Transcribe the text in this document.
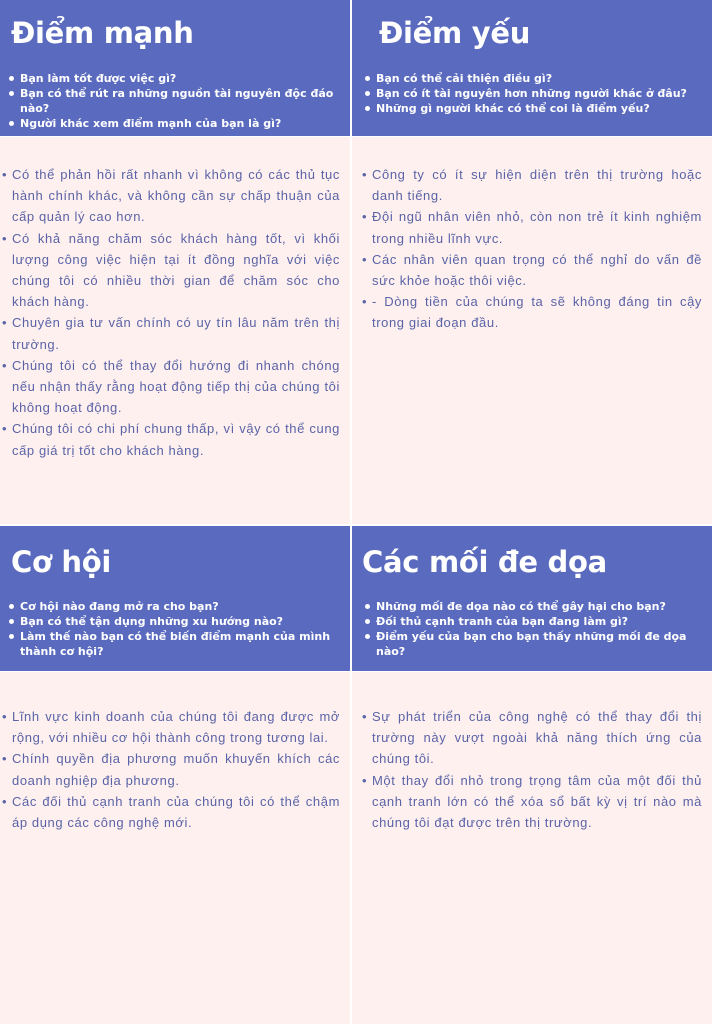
Điểm mạnh
Bạn làm tốt được việc gì?
Bạn có thể rút ra những nguồn tài nguyên độc đáo nào?
Người khác xem điểm mạnh của bạn là gì?
• Có thể phản hồi rất nhanh vì không có các thủ tục hành chính khác, và không cần sự chấp thuận của cấp quản lý cao hơn.
• Có khả năng chăm sóc khách hàng tốt, vì khối lượng công việc hiện tại ít đồng nghĩa với việc chúng tôi có nhiều thời gian để chăm sóc cho khách hàng.
• Chuyên gia tư vấn chính có uy tín lâu năm trên thị trường.
• Chúng tôi có thể thay đổi hướng đi nhanh chóng nếu nhận thấy rằng hoạt động tiếp thị của chúng tôi không hoạt động.
• Chúng tôi có chi phí chung thấp, vì vậy có thể cung cấp giá trị tốt cho khách hàng.
Điểm yếu
Bạn có thể cải thiện điều gì?
Bạn có ít tài nguyên hơn những người khác ở đâu?
Những gì người khác có thể coi là điểm yếu?
• Công ty có ít sự hiện diện trên thị trường hoặc danh tiếng.
• Đội ngũ nhân viên nhỏ, còn non trẻ ít kinh nghiệm trong nhiều lĩnh vực.
• Các nhân viên quan trọng có thể nghỉ do vấn đề sức khỏe hoặc thôi việc.
• - Dòng tiền của chúng ta sẽ không đáng tin cậy trong giai đoạn đầu.
Cơ hội
Cơ hội nào đang mở ra cho bạn?
Bạn có thể tận dụng những xu hướng nào?
Làm thế nào bạn có thể biến điểm mạnh của mình thành cơ hội?
• Lĩnh vực kinh doanh của chúng tôi đang được mở rộng, với nhiều cơ hội thành công trong tương lai.
• Chính quyền địa phương muốn khuyến khích các doanh nghiệp địa phương.
• Các đối thủ cạnh tranh của chúng tôi có thể chậm áp dụng các công nghệ mới.
Các mối đe dọa
Những mối đe dọa nào có thể gây hại cho bạn?
Đối thủ cạnh tranh của bạn đang làm gì?
Điểm yếu của bạn cho bạn thấy những mối đe dọa nào?
• Sự phát triển của công nghệ có thể thay đổi thị trường này vượt ngoài khả năng thích ứng của chúng tôi.
• Một thay đổi nhỏ trong trọng tâm của một đối thủ cạnh tranh lớn có thể xóa sổ bất kỳ vị trí nào mà chúng tôi đạt được trên thị trường.
